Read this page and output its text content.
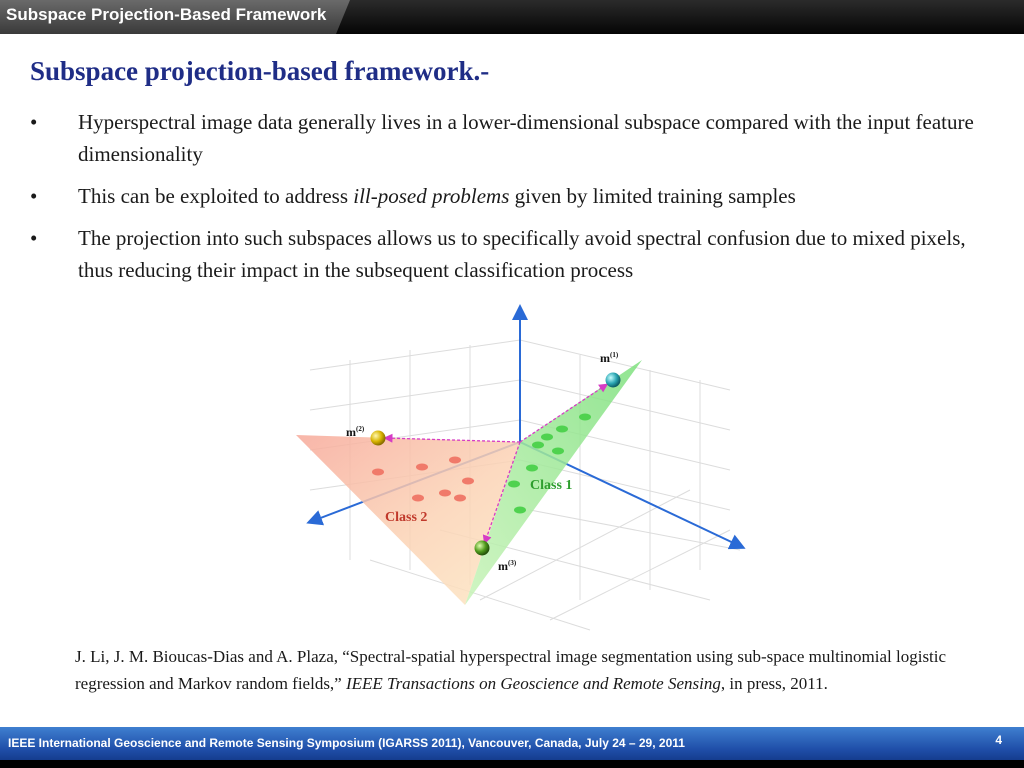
Subspace Projection-Based Framework
Subspace projection-based framework.-
• Hyperspectral image data generally lives in a lower-dimensional subspace compared with the input feature dimensionality
• This can be exploited to address ill-posed problems given by limited training samples
• The projection into such subspaces allows us to specifically avoid spectral confusion due to mixed pixels, thus reducing their impact in the subsequent classification process
$m^{(2)}$
$m^{(1)}$
$m^{(3)}$
Class 1
Class 2
J. Li, J. M. Bioucas-Dias and A. Plaza, “Spectral-spatial hyperspectral image segmentation using sub-space multinomial logistic regression and Markov random fields,” IEEE Transactions on Geoscience and Remote Sensing, in press, 2011.
IEEE International Geoscience and Remote Sensing Symposium (IGARSS 2011), Vancouver, Canada, July 24 – 29, 2011	4
